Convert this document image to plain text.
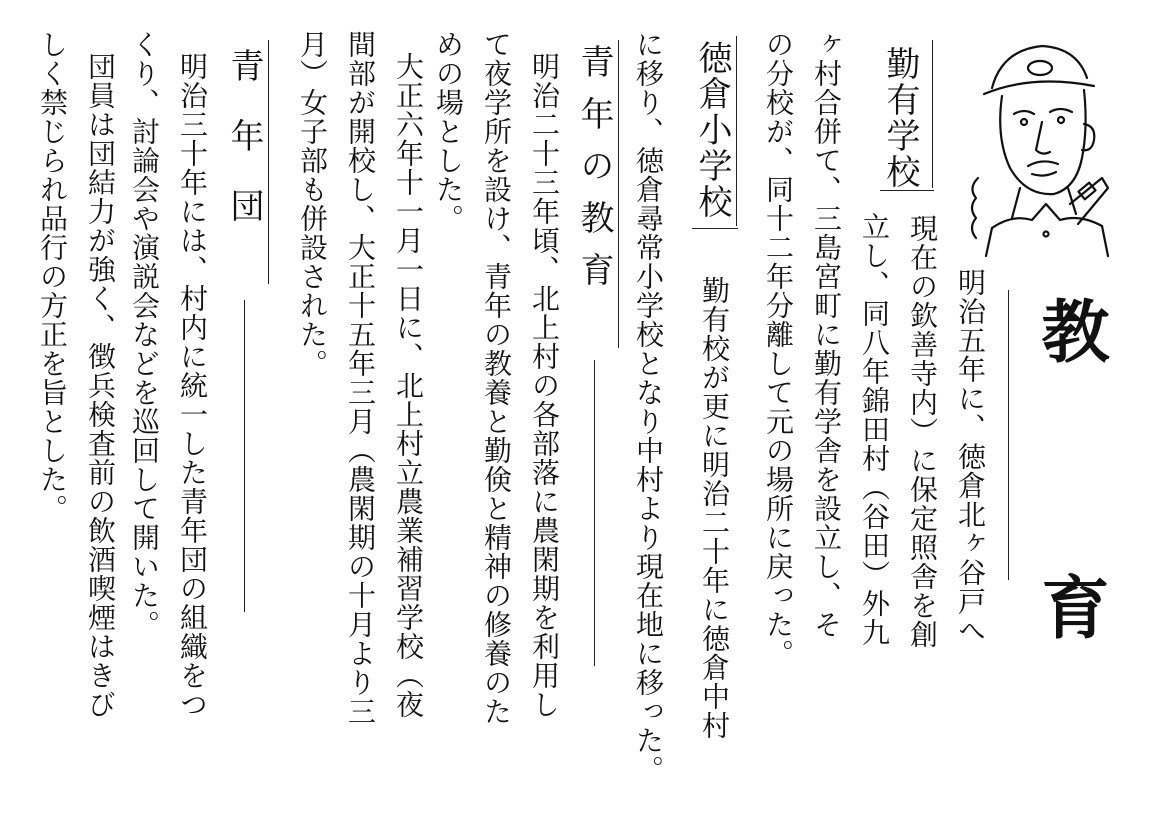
教　育
勤有学校
明治五年に、徳倉北ヶ谷戸へ
現在の欽善寺内）に保定照舎を創
立し、同八年錦田村（谷田）外九
ヶ村合併て、三島宮町に勤有学舎を設立し、そ
の分校が、同十二年分離して元の場所に戻った。
徳倉小学校
勤有校が更に明治二十年に徳倉中村
に移り、徳倉尋常小学校となり中村より現在地に移った。
青年の教育
明治二十三年頃、北上村の各部落に農閑期を利用し
て夜学所を設け、青年の教養と勤倹と精神の修養のた
めの場とした。
大正六年十一月一日に、北上村立農業補習学校（夜
間部が開校し、大正十五年三月（農閑期の十月より三
月）女子部も併設された。
青年団
明治三十年には、村内に統一した青年団の組織をつ
くり、討論会や演説会などを巡回して開いた。
団員は団結力が強く、徴兵検査前の飲酒喫煙はきび
しく禁じられ品行の方正を旨とした。
